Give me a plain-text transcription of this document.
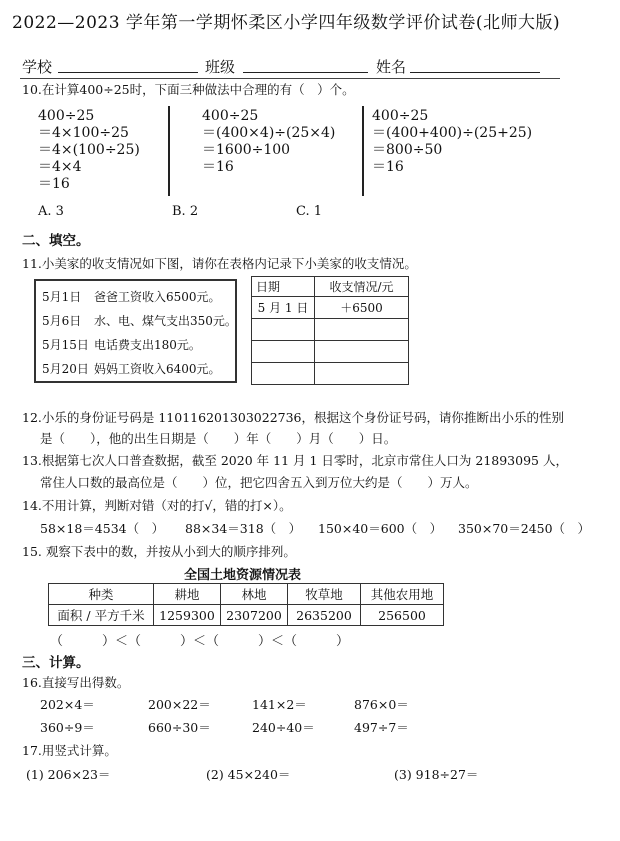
2022—2023 学年第一学期怀柔区小学四年级数学评价试卷(北师大版)
学校	班级	姓名
10.在计算400÷25时，下面三种做法中合理的有（　）个。
400÷25
＝4×100÷25
＝4×(100÷25)
＝4×4
＝16
400÷25
＝(400×4)÷(25×4)
＝1600÷100
＝16
400÷25
＝(400+400)÷(25+25)
＝800÷50
＝16
A. 3	B. 2	C. 1
二、填空。
11.小美家的收支情况如下图，请你在表格内记录下小美家的收支情况。
5月1日 爸爸工资收入6500元。
5月6日 水、电、煤气支出350元。
5月15日 电话费支出180元。
5月20日 妈妈工资收入6400元。
日期	收支情况/元
5 月 1 日	＋6500

12.小乐的身份证号码是 110116201303022736，根据这个身份证号码，请你推断出小乐的性别
是（　　），他的出生日期是（　　）年（　　）月（　　）日。
13.根据第七次人口普查数据，截至 2020 年 11 月 1 日零时，北京市常住人口为 21893095 人，
常住人口数的最高位是（　　）位，把它四舍五入到万位大约是（　　）万人。
14.不用计算，判断对错（对的打√，错的打×）。
58×18＝4534（　） 88×34＝318（　） 150×40＝600（　） 350×70＝2450（　）
15. 观察下表中的数，并按从小到大的顺序排列。
全国土地资源情况表
种类	耕地	林地	牧草地	其他农用地
面积 / 平方千米	1259300	2307200	2635200	256500
（　　　）＜（　　　）＜（　　　）＜（　　　）
三、计算。
16.直接写出得数。
202×4＝	200×22＝	141×2＝	876×0＝
360÷9＝	660÷30＝	240÷40＝	497÷7＝
17.用竖式计算。
(1) 206×23＝	(2) 45×240＝	(3) 918÷27＝
